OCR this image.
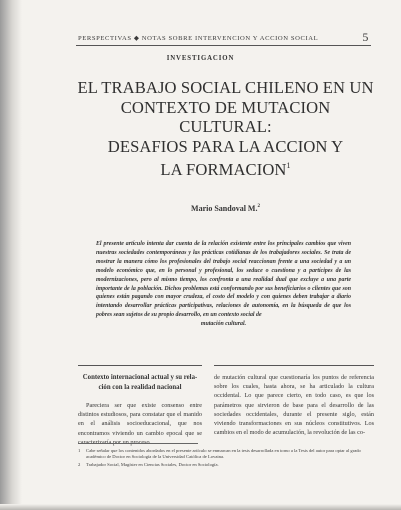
PERSPECTIVAS ◆ NOTAS SOBRE INTERVENCION Y ACCION SOCIAL	5
INVESTIGACION
EL TRABAJO SOCIAL CHILENO EN UN
CONTEXTO DE MUTACION CULTURAL:
DESAFIOS PARA LA ACCION Y
LA FORMACION$^1$
Mario Sandoval M.$^2$
El presente artículo intenta dar cuenta de la relación existente entre los principales cambios que viven nuestras sociedades contemporáneas y las prácticas cotidianas de los trabajadores sociales. Se trata de mostrar la manera cómo los profesionales del trabajo social reaccionan frente a una sociedad y a un modelo económico que, en lo personal y profesional, los seduce o cuestiona y a partícipes de las modernizaciones, pero al mismo tiempo, los confronta a una realidad dual que excluye a una parte importante de la población. Dichos problemas está conformando por sus beneficiarios o clientes que son quienes están pagando con mayor crudeza, el costo del modelo y con quienes deben trabajar a diario intentando desarrollar prácticas participativas, relaciones de autonomía, en la búsqueda de que los pobres sean sujetos de su propio desarrollo, en un contexto social de
mutación cultural.
Contexto internacional actual y su rela-
ción con la realidad nacional
Pareciera ser que existe consenso entre distintos estudiosos, para constatar que el manido en el análisis socioeducacional, que nos encontramos viviendo un cambio epocal que se caracterizaría por un proceso
de mutación cultural que cuestionaría los puntos de referencia sobre los cuales, hasta ahora, se ha articulado la cultura occidental. Lo que parece cierto, en todo caso, es que los parámetros que sirvieron de base para el desarrollo de las sociedades occidentales, durante el presente siglo, están viviendo transformaciones en sus núcleos constitutivos. Los cambios en el modo de acumulación, la revolución de las co-
1 Cabe señalar que los contenidos abordados en el presente artículo se enmarcan en la tesis desarrollada en torno a la Tesis del autor para optar al grado académico de Doctor en Sociología de la Universidad Católica de Lovaina.
2 Trabajador Social, Magíster en Ciencias Sociales, Doctor en Sociología.
